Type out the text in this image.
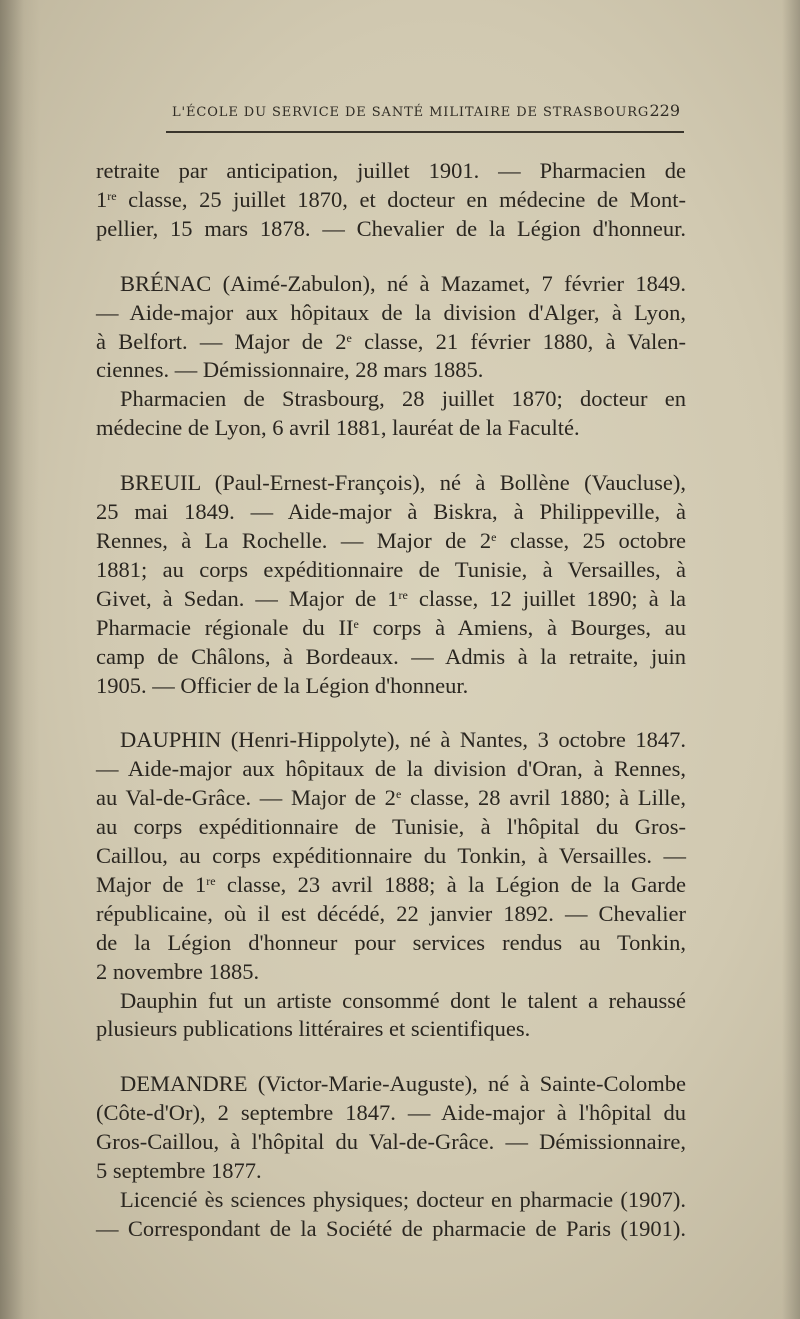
L'ÉCOLE DU SERVICE DE SANTÉ MILITAIRE DE STRASBOURG 229
retraite par anticipation, juillet 1901. — Pharmacien de
1re classe, 25 juillet 1870, et docteur en médecine de Mont-
pellier, 15 mars 1878. — Chevalier de la Légion d'honneur.
BRÉNAC (Aimé-Zabulon), né à Mazamet, 7 février 1849.
— Aide-major aux hôpitaux de la division d'Alger, à Lyon,
à Belfort. — Major de 2e classe, 21 février 1880, à Valen-
ciennes. — Démissionnaire, 28 mars 1885.
Pharmacien de Strasbourg, 28 juillet 1870; docteur en
médecine de Lyon, 6 avril 1881, lauréat de la Faculté.
BREUIL (Paul-Ernest-François), né à Bollène (Vaucluse),
25 mai 1849. — Aide-major à Biskra, à Philippeville, à
Rennes, à La Rochelle. — Major de 2e classe, 25 octobre
1881; au corps expéditionnaire de Tunisie, à Versailles, à
Givet, à Sedan. — Major de 1re classe, 12 juillet 1890; à la
Pharmacie régionale du IIe corps à Amiens, à Bourges, au
camp de Châlons, à Bordeaux. — Admis à la retraite, juin
1905. — Officier de la Légion d'honneur.
DAUPHIN (Henri-Hippolyte), né à Nantes, 3 octobre 1847.
— Aide-major aux hôpitaux de la division d'Oran, à Rennes,
au Val-de-Grâce. — Major de 2e classe, 28 avril 1880; à Lille,
au corps expéditionnaire de Tunisie, à l'hôpital du Gros-
Caillou, au corps expéditionnaire du Tonkin, à Versailles. —
Major de 1re classe, 23 avril 1888; à la Légion de la Garde
républicaine, où il est décédé, 22 janvier 1892. — Chevalier
de la Légion d'honneur pour services rendus au Tonkin,
2 novembre 1885.
Dauphin fut un artiste consommé dont le talent a rehaussé
plusieurs publications littéraires et scientifiques.
DEMANDRE (Victor-Marie-Auguste), né à Sainte-Colombe
(Côte-d'Or), 2 septembre 1847. — Aide-major à l'hôpital du
Gros-Caillou, à l'hôpital du Val-de-Grâce. — Démissionnaire,
5 septembre 1877.
Licencié ès sciences physiques; docteur en pharmacie (1907).
— Correspondant de la Société de pharmacie de Paris (1901).
